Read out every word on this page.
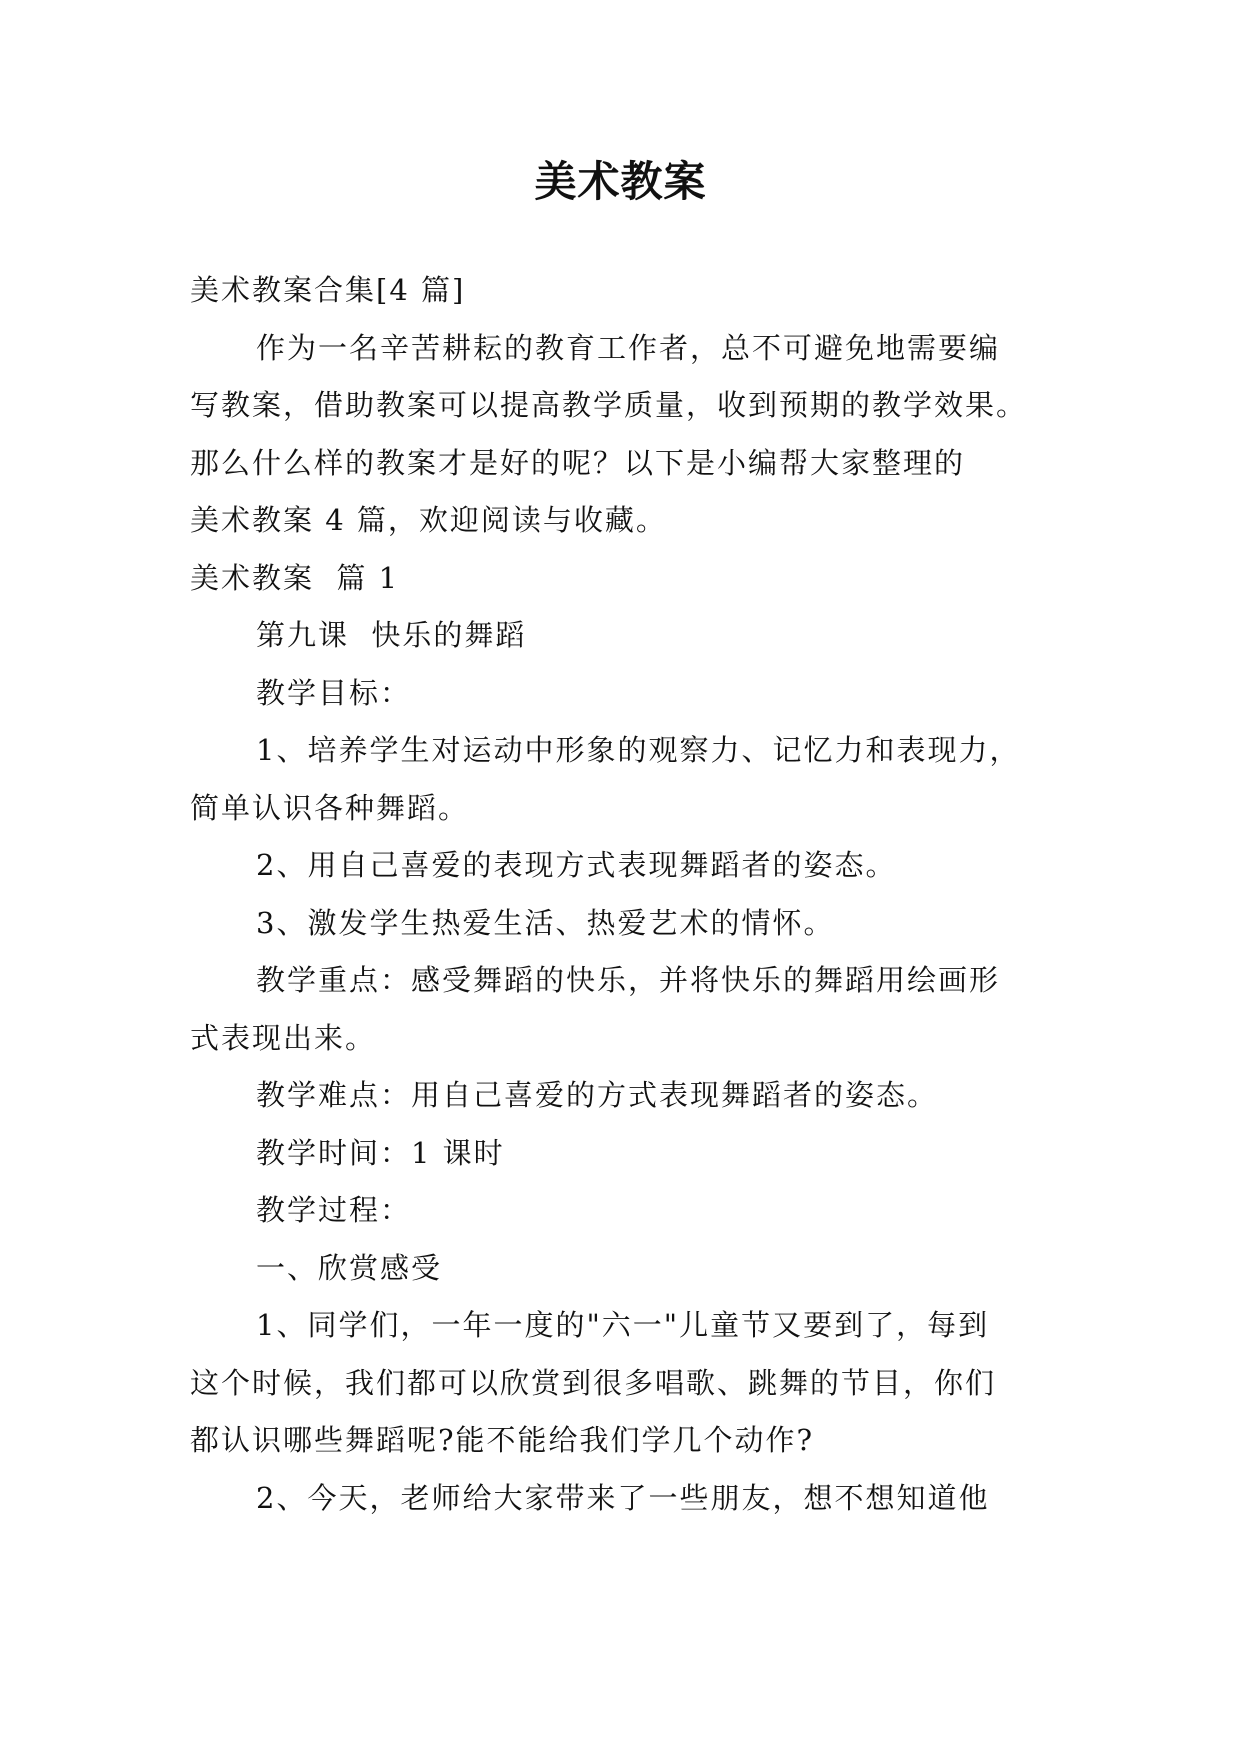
美术教案

美术教案合集[4 篇]

作为一名辛苦耕耘的教育工作者，总不可避免地需要编

写教案，借助教案可以提高教学质量，收到预期的教学效果。

那么什么样的教案才是好的呢？以下是小编帮大家整理的

美术教案 4 篇，欢迎阅读与收藏。

美术教案  篇 1

第九课  快乐的舞蹈

教学目标：

1、培养学生对运动中形象的观察力、记忆力和表现力，

简单认识各种舞蹈。

2、用自己喜爱的表现方式表现舞蹈者的姿态。

3、激发学生热爱生活、热爱艺术的情怀。

教学重点：感受舞蹈的快乐，并将快乐的舞蹈用绘画形

式表现出来。

教学难点：用自己喜爱的方式表现舞蹈者的姿态。

教学时间：1 课时

教学过程：

一、欣赏感受

1、同学们，一年一度的"六一"儿童节又要到了，每到

这个时候，我们都可以欣赏到很多唱歌、跳舞的节目，你们

都认识哪些舞蹈呢?能不能给我们学几个动作?

2、今天，老师给大家带来了一些朋友，想不想知道他
